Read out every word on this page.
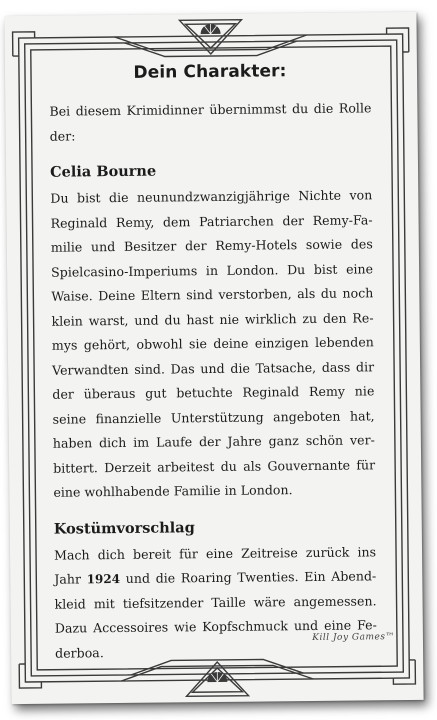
Dein Charakter:

Bei diesem Krimidinner übernimmst du die Rolle der:

Celia Bourne

Du bist die neunundzwanzigjährige Nichte von Reginald Remy, dem Patriarchen der Remy-Familie und Besitzer der Remy-Hotels sowie des Spielcasino-Imperiums in London. Du bist eine Waise. Deine Eltern sind verstorben, als du noch klein warst, und du hast nie wirklich zu den Remys gehört, obwohl sie deine einzigen lebenden Verwandten sind. Das und die Tatsache, dass dir der überaus gut betuchte Reginald Remy nie seine finanzielle Unterstützung angeboten hat, haben dich im Laufe der Jahre ganz schön verbittert. Derzeit arbeitest du als Gouvernante für eine wohlhabende Familie in London.

Kostümvorschlag

Mach dich bereit für eine Zeitreise zurück ins Jahr 1924 und die Roaring Twenties. Ein Abendkleid mit tiefsitzender Taille wäre angemessen. Dazu Accessoires wie Kopfschmuck und eine Federboa.

Kill Joy Games™
